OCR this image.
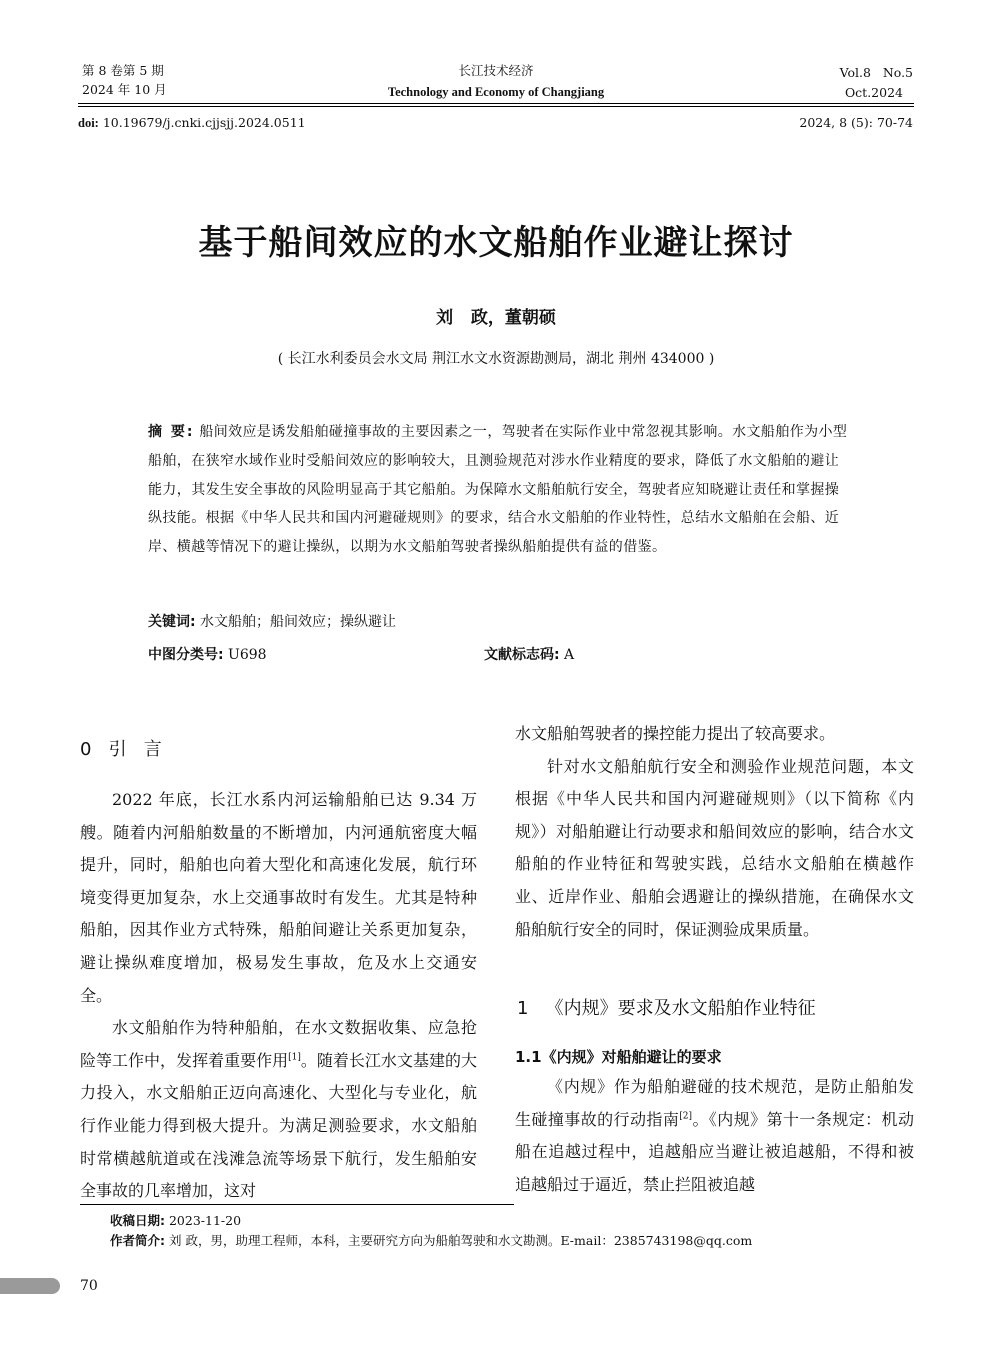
第 8 卷第 5 期
2024 年 10 月
长江技术经济
Technology and Economy of Changjiang
Vol.8   No.5
Oct.2024
doi: 10.19679/j.cnki.cjjsjj.2024.0511	2024, 8 (5): 70-74
基于船间效应的水文船舶作业避让探讨
刘   政，董朝硕
( 长江水利委员会水文局 荆江水文水资源勘测局，湖北 荆州 434000 )
摘 要: 船间效应是诱发船舶碰撞事故的主要因素之一，驾驶者在实际作业中常忽视其影响。水文船舶作为小型船舶，在狭窄水域作业时受船间效应的影响较大，且测验规范对涉水作业精度的要求，降低了水文船舶的避让能力，其发生安全事故的风险明显高于其它船舶。为保障水文船舶航行安全，驾驶者应知晓避让责任和掌握操纵技能。根据《中华人民共和国内河避碰规则》的要求，结合水文船舶的作业特性，总结水文船舶在会船、近岸、横越等情况下的避让操纵，以期为水文船舶驾驶者操纵船舶提供有益的借鉴。
关键词: 水文船舶；船间效应；操纵避让
中图分类号: U698	文献标志码: A
0   引   言

2022 年底，长江水系内河运输船舶已达 9.34 万艘。随着内河船舶数量的不断增加，内河通航密度大幅提升，同时，船舶也向着大型化和高速化发展，航行环境变得更加复杂，水上交通事故时有发生。尤其是特种船舶，因其作业方式特殊，船舶间避让关系更加复杂，避让操纵难度增加，极易发生事故，危及水上交通安全。

水文船舶作为特种船舶，在水文数据收集、应急抢险等工作中，发挥着重要作用[1]。随着长江水文基建的大力投入，水文船舶正迈向高速化、大型化与专业化，航行作业能力得到极大提升。为满足测验要求，水文船舶时常横越航道或在浅滩急流等场景下航行，发生船舶安全事故的几率增加，这对

水文船舶驾驶者的操控能力提出了较高要求。

针对水文船舶航行安全和测验作业规范问题，本文根据《中华人民共和国内河避碰规则》（以下简称《内规》）对船舶避让行动要求和船间效应的影响，结合水文船舶的作业特征和驾驶实践，总结水文船舶在横越作业、近岸作业、船舶会遇避让的操纵措施，在确保水文船舶航行安全的同时，保证测验成果质量。

1   《内规》要求及水文船舶作业特征
1.1《内规》对船舶避让的要求

《内规》作为船舶避碰的技术规范，是防止船舶发生碰撞事故的行动指南[2]。《内规》第十一条规定：机动船在追越过程中，追越船应当避让被追越船，不得和被追越船过于逼近，禁止拦阻被追越

收稿日期: 2023-11-20
作者简介: 刘 政，男，助理工程师，本科，主要研究方向为船舶驾驶和水文勘测。E-mail：2385743198@qq.com
70
